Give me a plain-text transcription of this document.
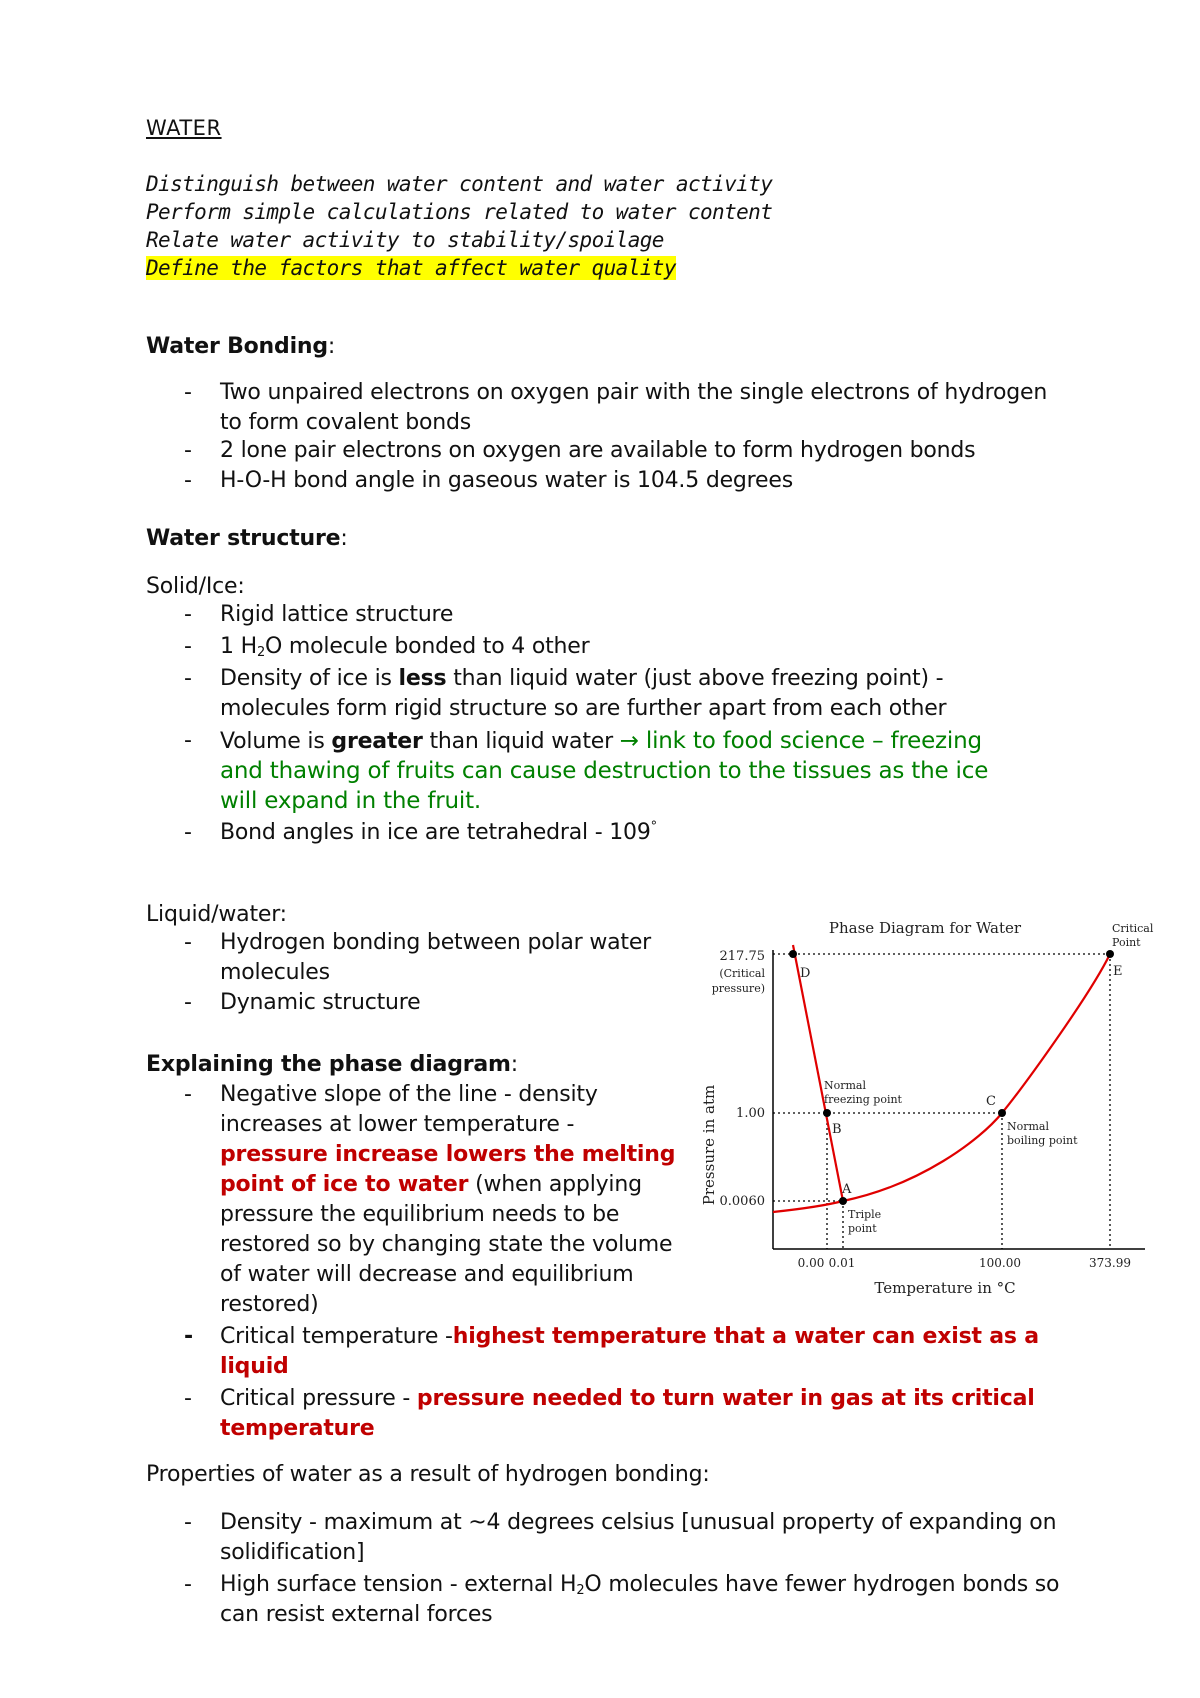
WATER
Distinguish between water content and water activity
Perform simple calculations related to water content
Relate water activity to stability/spoilage
Define the factors that affect water quality
Water Bonding:
- Two unpaired electrons on oxygen pair with the single electrons of hydrogen
to form covalent bonds
- 2 lone pair electrons on oxygen are available to form hydrogen bonds
- H-O-H bond angle in gaseous water is 104.5 degrees
Water structure:
Solid/Ice:
- Rigid lattice structure
- 1 $H_2O$ molecule bonded to 4 other
- Density of ice is less than liquid water (just above freezing point) -
molecules form rigid structure so are further apart from each other
- Volume is greater than liquid water → link to food science – freezing
and thawing of fruits can cause destruction to the tissues as the ice
will expand in the fruit.
- Bond angles in ice are tetrahedral - 109°
Liquid/water:
- Hydrogen bonding between polar water
molecules
- Dynamic structure
Explaining the phase diagram:
- Negative slope of the line - density
increases at lower temperature -
pressure increase lowers the melting
point of ice to water (when applying
pressure the equilibrium needs to be
restored so by changing state the volume
of water will decrease and equilibrium
restored)
- Critical temperature -highest temperature that a water can exist as a
liquid
- Critical pressure - pressure needed to turn water in gas at its critical
temperature
Properties of water as a result of hydrogen bonding:
- Density - maximum at ~4 degrees celsius [unusual property of expanding on
solidification]
- High surface tension - external $H_2O$ molecules have fewer hydrogen bonds so
can resist external forces
Phase Diagram for Water
Pressure in atm
Temperature in °C
217.75
(Critical
pressure)
1.00
0.0060
0.00 0.01	100.00	373.99
D
B
A
C
E
Normal
freezing point
Normal
boiling point
Triple
point
Critical
Point
